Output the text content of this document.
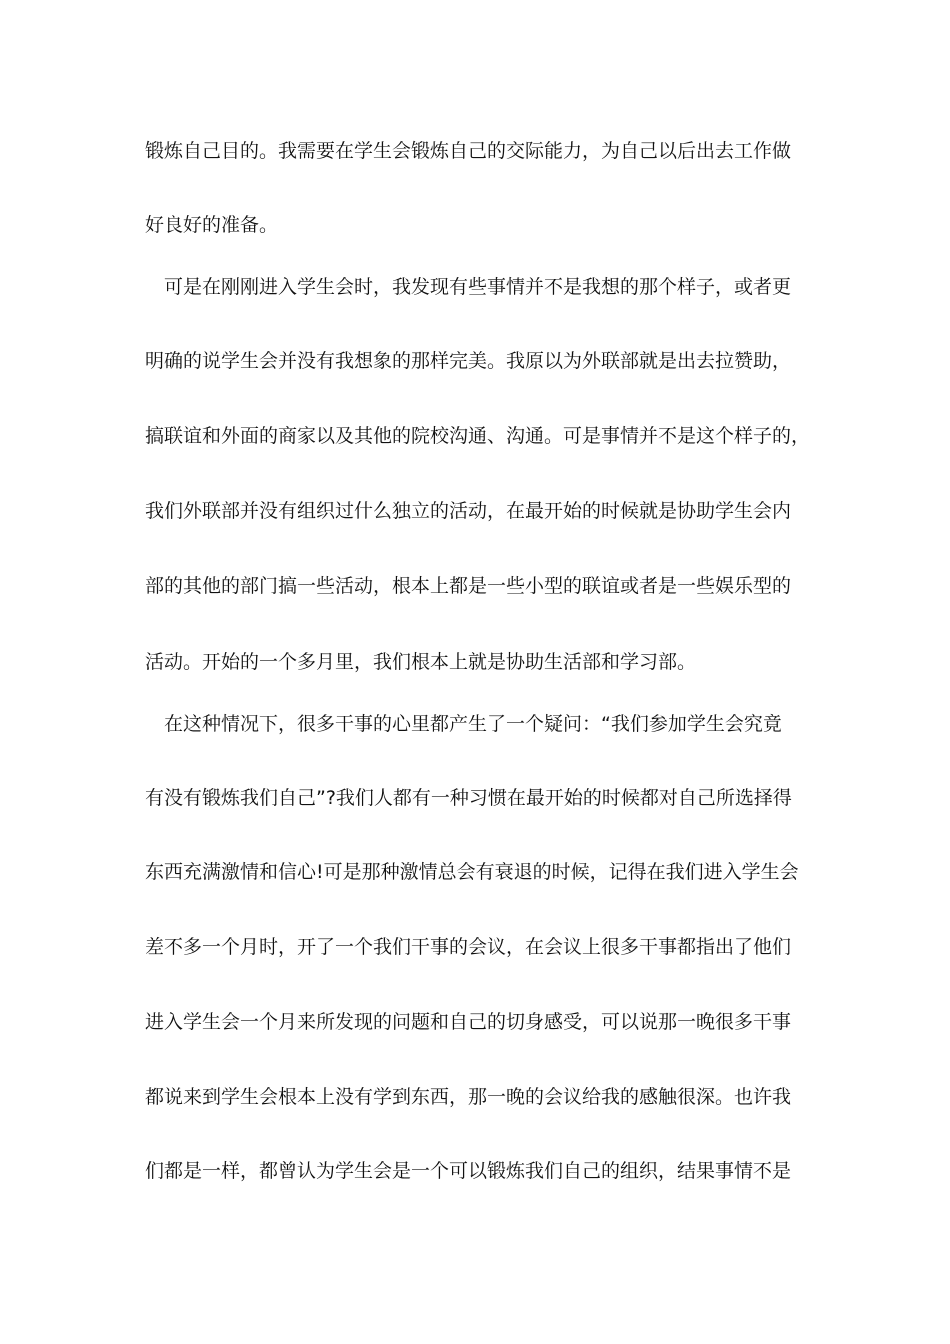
锻炼自己目的。我需要在学生会锻炼自己的交际能力，为自己以后出去工作做
好良好的准备。
可是在刚刚进入学生会时，我发现有些事情并不是我想的那个样子，或者更
明确的说学生会并没有我想象的那样完美。我原以为外联部就是出去拉赞助，
搞联谊和外面的商家以及其他的院校沟通、沟通。可是事情并不是这个样子的，
我们外联部并没有组织过什么独立的活动，在最开始的时候就是协助学生会内
部的其他的部门搞一些活动，根本上都是一些小型的联谊或者是一些娱乐型的
活动。开始的一个多月里，我们根本上就是协助生活部和学习部。
在这种情况下，很多干事的心里都产生了一个疑问：“我们参加学生会究竟
有没有锻炼我们自己”?我们人都有一种习惯在最开始的时候都对自己所选择得
东西充满激情和信心!可是那种激情总会有衰退的时候，记得在我们进入学生会
差不多一个月时，开了一个我们干事的会议，在会议上很多干事都指出了他们
进入学生会一个月来所发现的问题和自己的切身感受，可以说那一晚很多干事
都说来到学生会根本上没有学到东西，那一晚的会议给我的感触很深。也许我
们都是一样，都曾认为学生会是一个可以锻炼我们自己的组织，结果事情不是
